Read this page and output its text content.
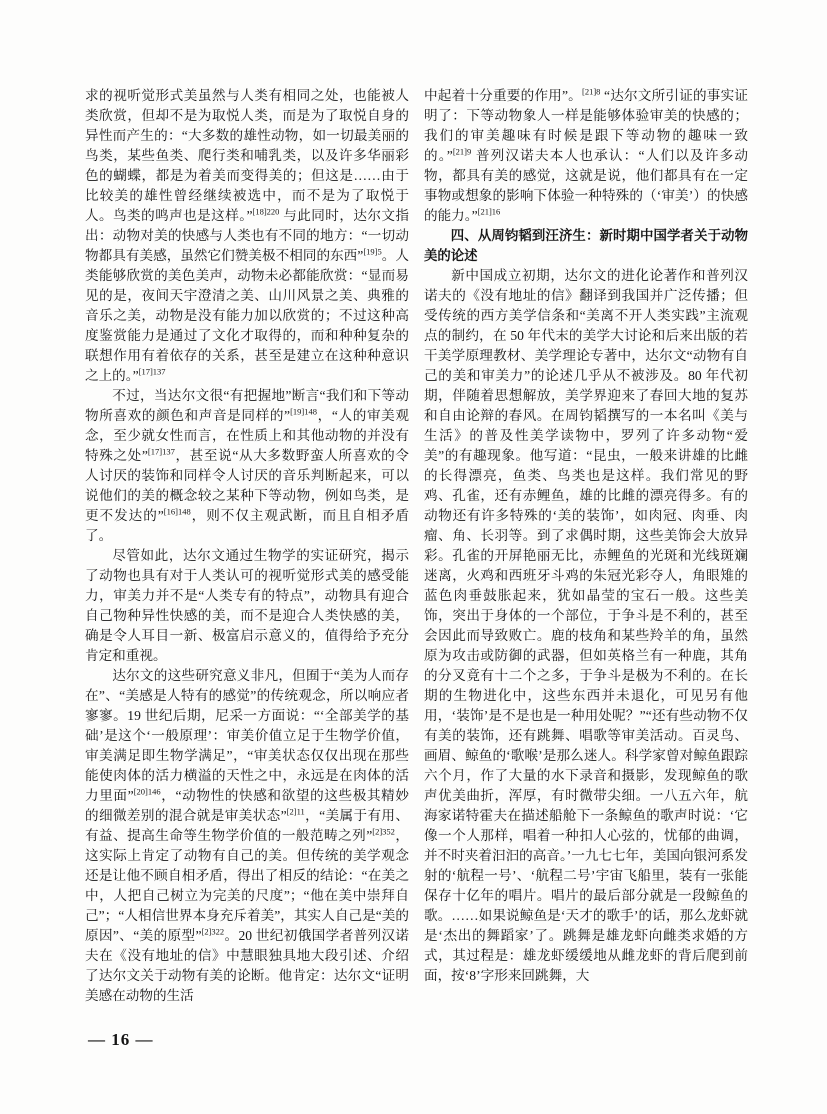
求的视听觉形式美虽然与人类有相同之处，也能被人类欣赏，但却不是为取悦人类，而是为了取悦自身的异性而产生的：“大多数的雄性动物，如一切最美丽的鸟类，某些鱼类、爬行类和哺乳类，以及许多华丽彩色的蝴蝶，都是为着美而变得美的；但这是……由于比较美的雄性曾经继续被选中，而不是为了取悦于人。鸟类的鸣声也是这样。”$^{[18]220}$ 与此同时，达尔文指出：动物对美的快感与人类也有不同的地方：“一切动物都具有美感，虽然它们赞美极不相同的东西”$^{[19]5}$。人类能够欣赏的美色美声，动物未必都能欣赏：“显而易见的是，夜间天宇澄清之美、山川风景之美、典雅的音乐之美，动物是没有能力加以欣赏的；不过这种高度鉴赏能力是通过了文化才取得的，而和种种复杂的联想作用有着依存的关系，甚至是建立在这种种意识之上的。”$^{[17]137}$

不过，当达尔文很“有把握地”断言“我们和下等动物所喜欢的颜色和声音是同样的”$^{[19]148}$，“人的审美观念，至少就女性而言，在性质上和其他动物的并没有特殊之处”$^{[17]137}$，甚至说“从大多数野蛮人所喜欢的令人讨厌的装饰和同样令人讨厌的音乐判断起来，可以说他们的美的概念较之某种下等动物，例如鸟类，是更不发达的”$^{[16]148}$，则不仅主观武断，而且自相矛盾了。

尽管如此，达尔文通过生物学的实证研究，揭示了动物也具有对于人类认可的视听觉形式美的感受能力，审美力并不是“人类专有的特点”，动物具有迎合自己物种异性快感的美，而不是迎合人类快感的美，确是令人耳目一新、极富启示意义的，值得给予充分肯定和重视。

达尔文的这些研究意义非凡，但囿于“美为人而存在”、“美感是人特有的感觉”的传统观念，所以响应者寥寥。19 世纪后期，尼采一方面说：“‘全部美学的基础’是这个‘一般原理’：审美价值立足于生物学价值，审美满足即生物学满足”，“审美状态仅仅出现在那些能使肉体的活力横溢的天性之中，永远是在肉体的活力里面”$^{[20]146}$，“动物性的快感和欲望的这些极其精妙的细微差别的混合就是审美状态”$^{[2]11}$，“美属于有用、有益、提高生命等生物学价值的一般范畴之列”$^{[2]352}$，这实际上肯定了动物有自己的美。但传统的美学观念还是让他不顾自相矛盾，得出了相反的结论：“在美之中，人把自己树立为完美的尺度”；“他在美中崇拜自己”；“人相信世界本身充斥着美”，其实人自己是“美的原因”、“美的原型”$^{[2]322}$。20 世纪初俄国学者普列汉诺夫在《没有地址的信》中慧眼独具地大段引述、介绍了达尔文关于动物有美的论断。他肯定：达尔文“证明美感在动物的生活

中起着十分重要的作用”。$^{[21]8}$ “达尔文所引证的事实证明了：下等动物象人一样是能够体验审美的快感的；我们的审美趣味有时候是跟下等动物的趣味一致的。”$^{[21]9}$ 普列汉诺夫本人也承认：“人们以及许多动物，都具有美的感觉，这就是说，他们都具有在一定事物或想象的影响下体验一种特殊的（‘审美’）的快感的能力。”$^{[21]16}$

四、从周钧韬到汪济生：新时期中国学者关于动物美的论述

新中国成立初期，达尔文的进化论著作和普列汉诺夫的《没有地址的信》翻译到我国并广泛传播；但受传统的西方美学信条和“美离不开人类实践”主流观点的制约，在 50 年代末的美学大讨论和后来出版的若干美学原理教材、美学理论专著中，达尔文“动物有自己的美和审美力”的论述几乎从不被涉及。80 年代初期，伴随着思想解放，美学界迎来了春回大地的复苏和自由论辩的春风。在周钧韬撰写的一本名叫《美与生活》的普及性美学读物中，罗列了许多动物“爱美”的有趣现象。他写道：“昆虫，一般来讲雄的比雌的长得漂亮，鱼类、鸟类也是这样。我们常见的野鸡、孔雀，还有赤鲤鱼，雄的比雌的漂亮得多。有的动物还有许多特殊的‘美的装饰’，如肉冠、肉垂、肉瘤、角、长羽等。到了求偶时期，这些美饰会大放异彩。孔雀的开屏艳丽无比，赤鲤鱼的光斑和光线斑斓迷离，火鸡和西班牙斗鸡的朱冠光彩夺人，角眼雉的蓝色肉垂鼓胀起来，犹如晶莹的宝石一般。这些美饰，突出于身体的一个部位，于争斗是不利的，甚至会因此而导致败亡。鹿的枝角和某些羚羊的角，虽然原为攻击或防御的武器，但如英格兰有一种鹿，其角的分叉竟有十二个之多，于争斗是极为不利的。在长期的生物进化中，这些东西并未退化，可见另有他用，‘装饰’是不是也是一种用处呢？”“还有些动物不仅有美的装饰，还有跳舞、唱歌等审美活动。百灵鸟、画眉、鲸鱼的‘歌喉’是那么迷人。科学家曾对鲸鱼跟踪六个月，作了大量的水下录音和摄影，发现鲸鱼的歌声优美曲折，浑厚，有时微带尖细。一八五六年，航海家诺特霍夫在描述船舱下一条鲸鱼的歌声时说：‘它像一个人那样，唱着一种扣人心弦的，忧郁的曲调，并不时夹着汩汩的高音。’一九七七年，美国向银河系发射的‘航程一号’、‘航程二号’宇宙飞船里，装有一张能保存十亿年的唱片。唱片的最后部分就是一段鲸鱼的歌。……如果说鲸鱼是‘天才的歌手’的话，那么龙虾就是‘杰出的舞蹈家’了。跳舞是雄龙虾向雌类求婚的方式，其过程是：雄龙虾缓缓地从雌龙虾的背后爬到前面，按‘8’字形来回跳舞，大

— 16 —
